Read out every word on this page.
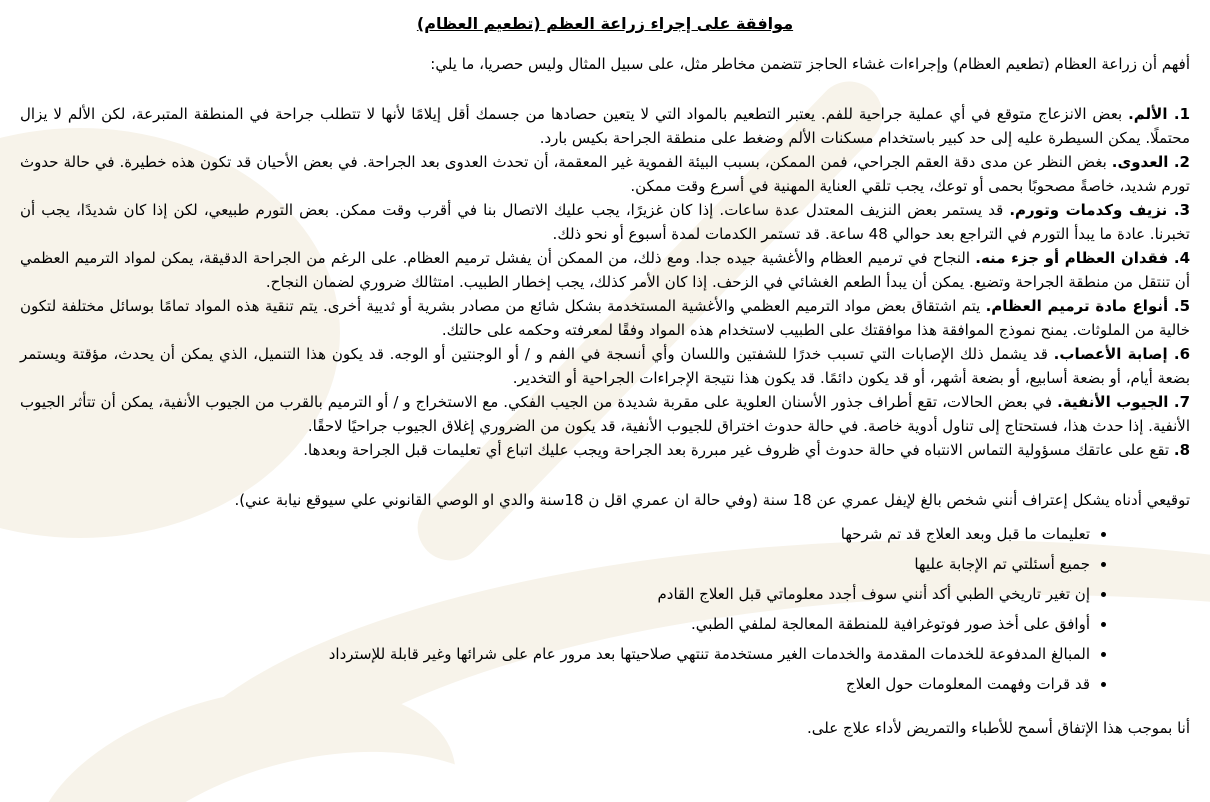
موافقة على إجراء زراعة العظم (تطعيم العظام)

أفهم أن زراعة العظام (تطعيم العظام) وإجراءات غشاء الحاجز تتضمن مخاطر مثل، على سبيل المثال وليس حصريا، ما يلي:

1. الألم. بعض الانزعاج متوقع في أي عملية جراحية للفم. يعتبر التطعيم بالمواد التي لا يتعين حصادها من جسمك أقل إيلامًا لأنها لا تتطلب جراحة في المنطقة المتبرعة، لكن الألم لا يزال محتملًا. يمكن السيطرة عليه إلى حد كبير باستخدام مسكنات الألم وضغط على منطقة الجراحة بكيس بارد.

2. العدوى. بغض النظر عن مدى دقة العقم الجراحي، فمن الممكن، بسبب البيئة الفموية غير المعقمة، أن تحدث العدوى بعد الجراحة. في بعض الأحيان قد تكون هذه خطيرة. في حالة حدوث تورم شديد، خاصةً مصحوبًا بحمى أو توعك، يجب تلقي العناية المهنية في أسرع وقت ممكن.

3. نزيف وكدمات وتورم. قد يستمر بعض النزيف المعتدل عدة ساعات. إذا كان غزيرًا، يجب عليك الاتصال بنا في أقرب وقت ممكن. بعض التورم طبيعي، لكن إذا كان شديدًا، يجب أن تخبرنا. عادة ما يبدأ التورم في التراجع بعد حوالي 48 ساعة. قد تستمر الكدمات لمدة أسبوع أو نحو ذلك.

4. فقدان العظام أو جزء منه. النجاح في ترميم العظام والأغشية جيده جدا. ومع ذلك، من الممكن أن يفشل ترميم العظام. على الرغم من الجراحة الدقيقة، يمكن لمواد الترميم العظمي أن تنتقل من منطقة الجراحة وتضيع. يمكن أن يبدأ الطعم الغشائي في الزحف. إذا كان الأمر كذلك، يجب إخطار الطبيب. امتثالك ضروري لضمان النجاح.

5. أنواع مادة ترميم العظام. يتم اشتقاق بعض مواد الترميم العظمي والأغشية المستخدمة بشكل شائع من مصادر بشرية أو ثديية أخرى. يتم تنقية هذه المواد تمامًا بوسائل مختلفة لتكون خالية من الملوثات. يمنح نموذج الموافقة هذا موافقتك على الطبيب لاستخدام هذه المواد وفقًا لمعرفته وحكمه على حالتك.

6. إصابة الأعصاب. قد يشمل ذلك الإصابات التي تسبب خدرًا للشفتين واللسان وأي أنسجة في الفم و / أو الوجنتين أو الوجه. قد يكون هذا التنميل، الذي يمكن أن يحدث، مؤقتة ويستمر بضعة أيام، أو بضعة أسابيع، أو بضعة أشهر، أو قد يكون دائمًا. قد يكون هذا نتيجة الإجراءات الجراحية أو التخدير.

7. الجيوب الأنفية. في بعض الحالات، تقع أطراف جذور الأسنان العلوية على مقربة شديدة من الجيب الفكي. مع الاستخراج و / أو الترميم بالقرب من الجيوب الأنفية، يمكن أن تتأثر الجيوب الأنفية. إذا حدث هذا، فستحتاج إلى تناول أدوية خاصة. في حالة حدوث اختراق للجيوب الأنفية، قد يكون من الضروري إغلاق الجيوب جراحيًا لاحقًا.

8. تقع على عاتقك مسؤولية التماس الانتباه في حالة حدوث أي ظروف غير مبررة بعد الجراحة ويجب عليك اتباع أي تعليمات قبل الجراحة وبعدها.

توقيعي أدناه يشكل إعتراف أنني شخص بالغ لإيفل عمري عن 18 سنة (وفي حالة ان عمري اقل ن 18سنة والدي او الوصي القانوني علي سيوقع نيابة عني).

• تعليمات ما قبل وبعد العلاج قد تم شرحها
• جميع أسئلتي تم الإجابة عليها
• إن تغير تاريخي الطبي أكد أنني سوف أجدد معلوماتي قبل العلاج القادم
• أوافق على أخذ صور فوتوغرافية للمنطقة المعالجة لملفي الطبي.
• المبالغ المدفوعة للخدمات المقدمة والخدمات الغير مستخدمة تنتهي صلاحيتها بعد مرور عام على شرائها وغير قابلة للإسترداد
• قد قرات وفهمت المعلومات حول العلاج

أنا بموجب هذا الإتفاق أسمح للأطباء والتمريض لأداء علاج على.
